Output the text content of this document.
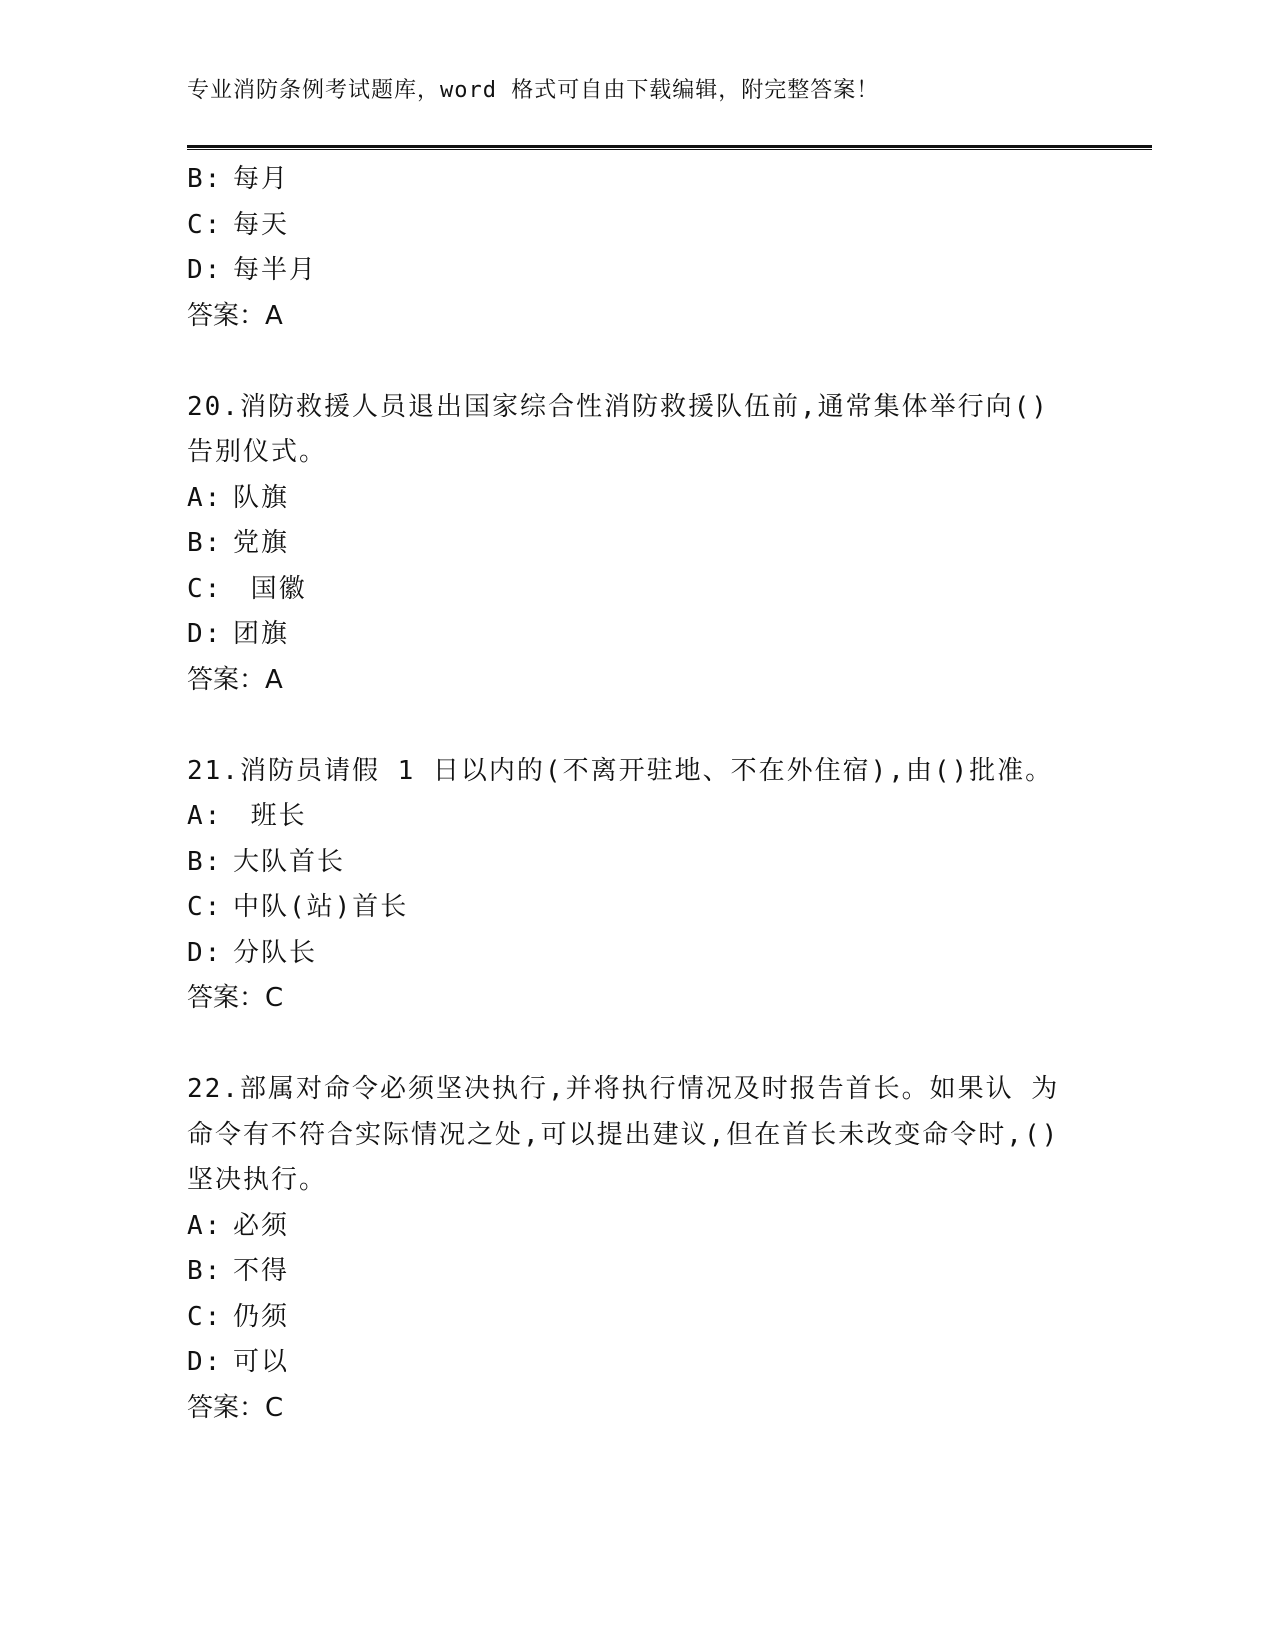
专业消防条例考试题库，word 格式可自由下载编辑，附完整答案！
B: 每月
C: 每天
D: 每半月
答案：A
20.消防救援人员退出国家综合性消防救援队伍前,通常集体举行向()
告别仪式。
A: 队旗
B: 党旗
C: 国徽
D: 团旗
答案：A
21.消防员请假 1 日以内的(不离开驻地、不在外住宿),由()批准。
A: 班长
B: 大队首长
C: 中队(站)首长
D: 分队长
答案：C
22.部属对命令必须坚决执行,并将执行情况及时报告首长。如果认 为
命令有不符合实际情况之处,可以提出建议,但在首长未改变命令时,()
坚决执行。
A: 必须
B: 不得
C: 仍须
D: 可以
答案：C
